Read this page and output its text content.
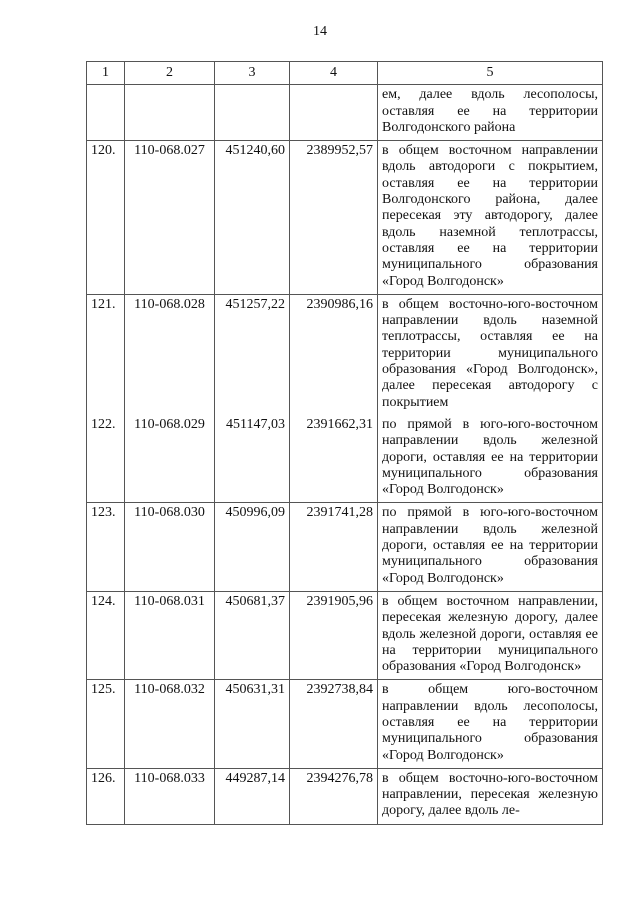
14
1	2	3	4	5
				ем, далее вдоль лесополосы, оставляя ее на территории Волгодонского района
120.	110-068.027	451240,60	2389952,57	в общем восточном направлении вдоль автодороги с покрытием, оставляя ее на территории Волгодонского района, далее пересекая эту автодорогу, далее вдоль наземной теплотрассы, оставляя ее на территории муниципального образования «Город Волгодонск»
121.	110-068.028	451257,22	2390986,16	в общем восточно-юго-восточном направлении вдоль наземной теплотрассы, оставляя ее на территории муниципального образования «Город Волгодонск», далее пересекая автодорогу с покрытием
122.	110-068.029	451147,03	2391662,31	по прямой в юго-юго-восточном направлении вдоль железной дороги, оставляя ее на территории муниципального образования «Город Волгодонск»
123.	110-068.030	450996,09	2391741,28	по прямой в юго-юго-восточном направлении вдоль железной дороги, оставляя ее на территории муниципального образования «Город Волгодонск»
124.	110-068.031	450681,37	2391905,96	в общем восточном направлении, пересекая железную дорогу, далее вдоль железной дороги, оставляя ее на территории муниципального образования «Город Волгодонск»
125.	110-068.032	450631,31	2392738,84	в общем юго-восточном направлении вдоль лесополосы, оставляя ее на территории муниципального образования «Город Волгодонск»
126.	110-068.033	449287,14	2394276,78	в общем восточно-юго-восточном направлении, пересекая железную дорогу, далее вдоль ле-
